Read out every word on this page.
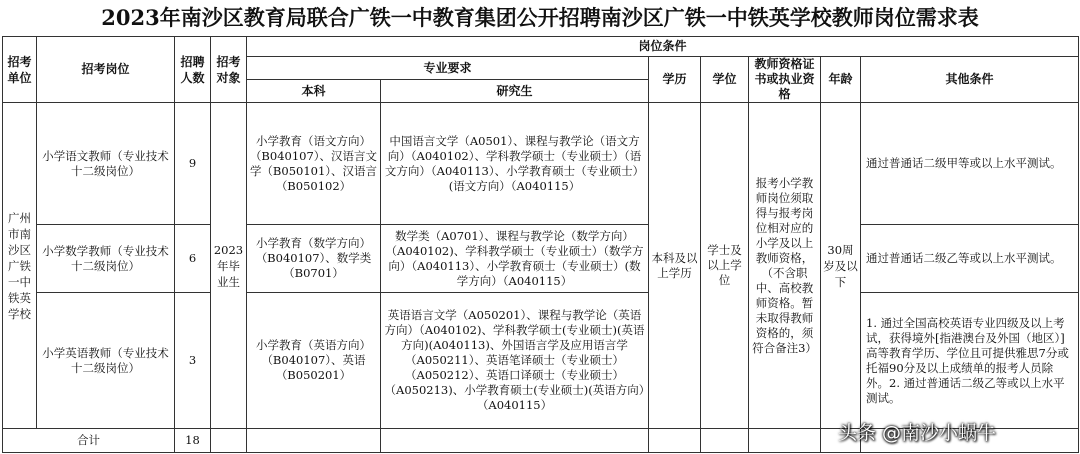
2023年南沙区教育局联合广铁一中教育集团公开招聘南沙区广铁一中铁英学校教师岗位需求表
招考单位	招考岗位	招聘人数	招考对象	岗位条件						
				专业要求		学历	学位	教师资格证书或执业资格	年龄	其他条件
				本科	研究生					
广州市南沙区广铁一中铁英学校	小学语文教师（专业技术十二级岗位）	9	2023年毕业生	小学教育（语文方向）（B040107）、汉语言文学（B050101）、汉语言（B050102）	中国语言文学（A0501）、课程与教学论（语文方向）（A040102）、学科教学硕士（专业硕士）（语文方向）（A040113）、小学教育硕士（专业硕士）(语文方向）（A040115）	本科及以上学历	学士及以上学位	报考小学教师岗位须取得与报考岗位相对应的小学及以上教师资格，（不含职中、高校教师资格。暂未取得教师资格的，须符合备注3）	30周岁及以下	通过普通话二级甲等或以上水平测试。
	小学数学教师（专业技术十二级岗位）	6		小学教育（数学方向）（B040107）、数学类（B0701）	数学类（A0701）、课程与教学论（数学方向）（A040102)、学科教学硕士（专业硕士）（数学方向）（A040113）、小学教育硕士（专业硕士）(数学方向）（A040115）					通过普通话二级乙等或以上水平测试。
	小学英语教师（专业技术十二级岗位）	3		小学教育（英语方向）（B040107）、英语（B050201）	英语语言文学（A050201）、课程与教学论（英语方向）（A040102)、学科教学硕士(专业硕士)(英语方向)(A040113)、外国语言学及应用语言学（A050211）、英语笔译硕士（专业硕士）（A050212）、英语口译硕士（专业硕士）（A050213)、小学教育硕士(专业硕士)(英语方向）（A040115）					1. 通过全国高校英语专业四级及以上考试，获得境外[指港澳台及外国（地区）]高等教育学历、学位且可提供雅思7分或托福90分及以上成绩单的报考人员除外。2. 通过普通话二级乙等或以上水平测试。
合计		18									头条 @南沙小蜗牛
